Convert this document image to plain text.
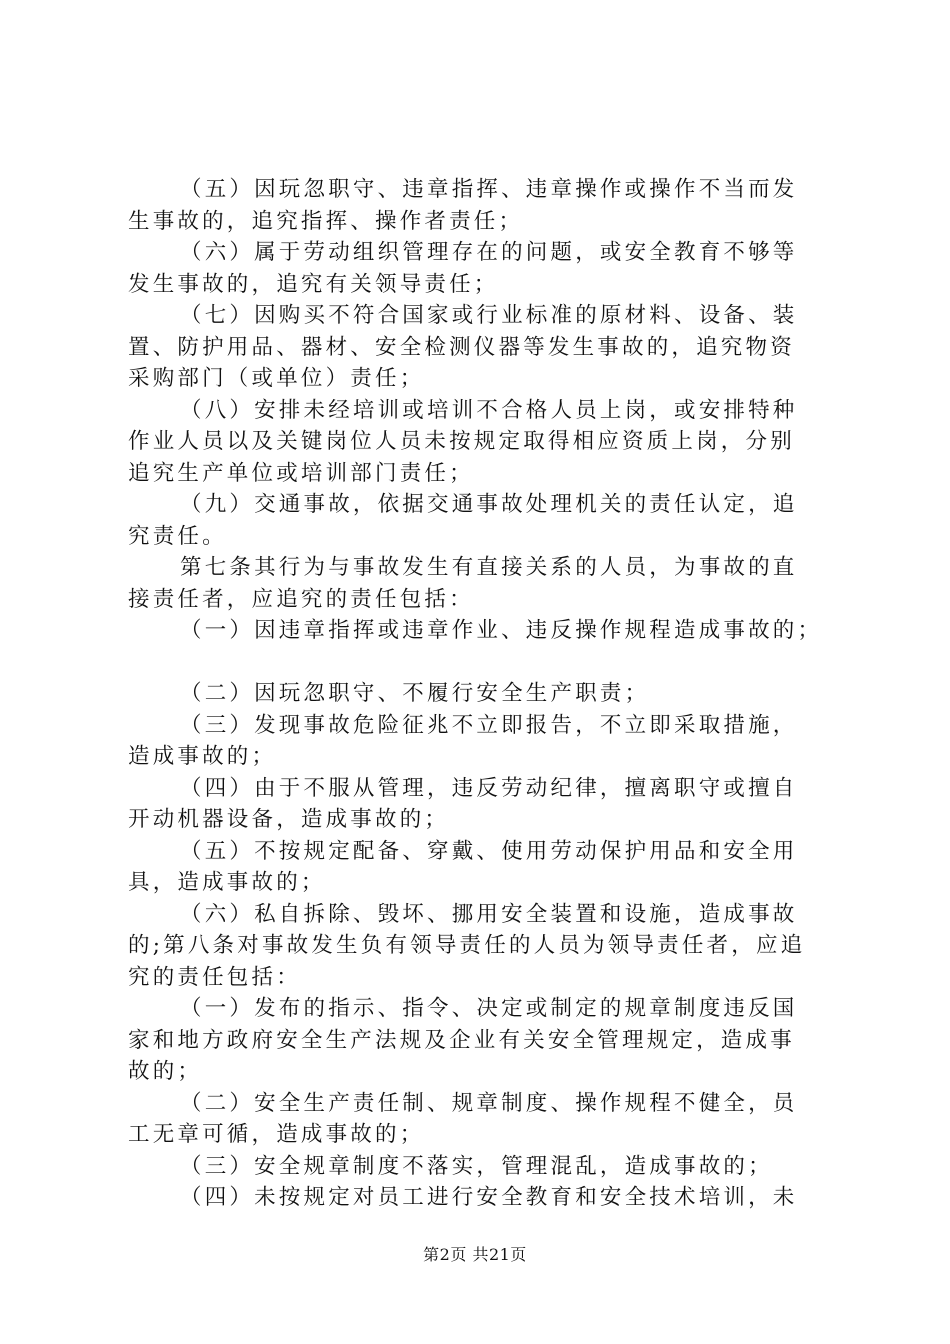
（五）因玩忽职守、违章指挥、违章操作或操作不当而发
生事故的，追究指挥、操作者责任；
（六）属于劳动组织管理存在的问题，或安全教育不够等
发生事故的，追究有关领导责任；
（七）因购买不符合国家或行业标准的原材料、设备、装
置、防护用品、器材、安全检测仪器等发生事故的，追究物资
采购部门（或单位）责任；
（八）安排未经培训或培训不合格人员上岗，或安排特种
作业人员以及关键岗位人员未按规定取得相应资质上岗，分别
追究生产单位或培训部门责任；
（九）交通事故，依据交通事故处理机关的责任认定，追
究责任。
第七条其行为与事故发生有直接关系的人员，为事故的直
接责任者，应追究的责任包括：
（一）因违章指挥或违章作业、违反操作规程造成事故的；
（二）因玩忽职守、不履行安全生产职责；
（三）发现事故危险征兆不立即报告，不立即采取措施，
造成事故的；
（四）由于不服从管理，违反劳动纪律，擅离职守或擅自
开动机器设备，造成事故的；
（五）不按规定配备、穿戴、使用劳动保护用品和安全用
具，造成事故的；
（六）私自拆除、毁坏、挪用安全装置和设施，造成事故
的;第八条对事故发生负有领导责任的人员为领导责任者，应追
究的责任包括：
（一）发布的指示、指令、决定或制定的规章制度违反国
家和地方政府安全生产法规及企业有关安全管理规定，造成事
故的；
（二）安全生产责任制、规章制度、操作规程不健全，员
工无章可循，造成事故的；
（三）安全规章制度不落实，管理混乱，造成事故的；
（四）未按规定对员工进行安全教育和安全技术培训，未
第2页 共21页
